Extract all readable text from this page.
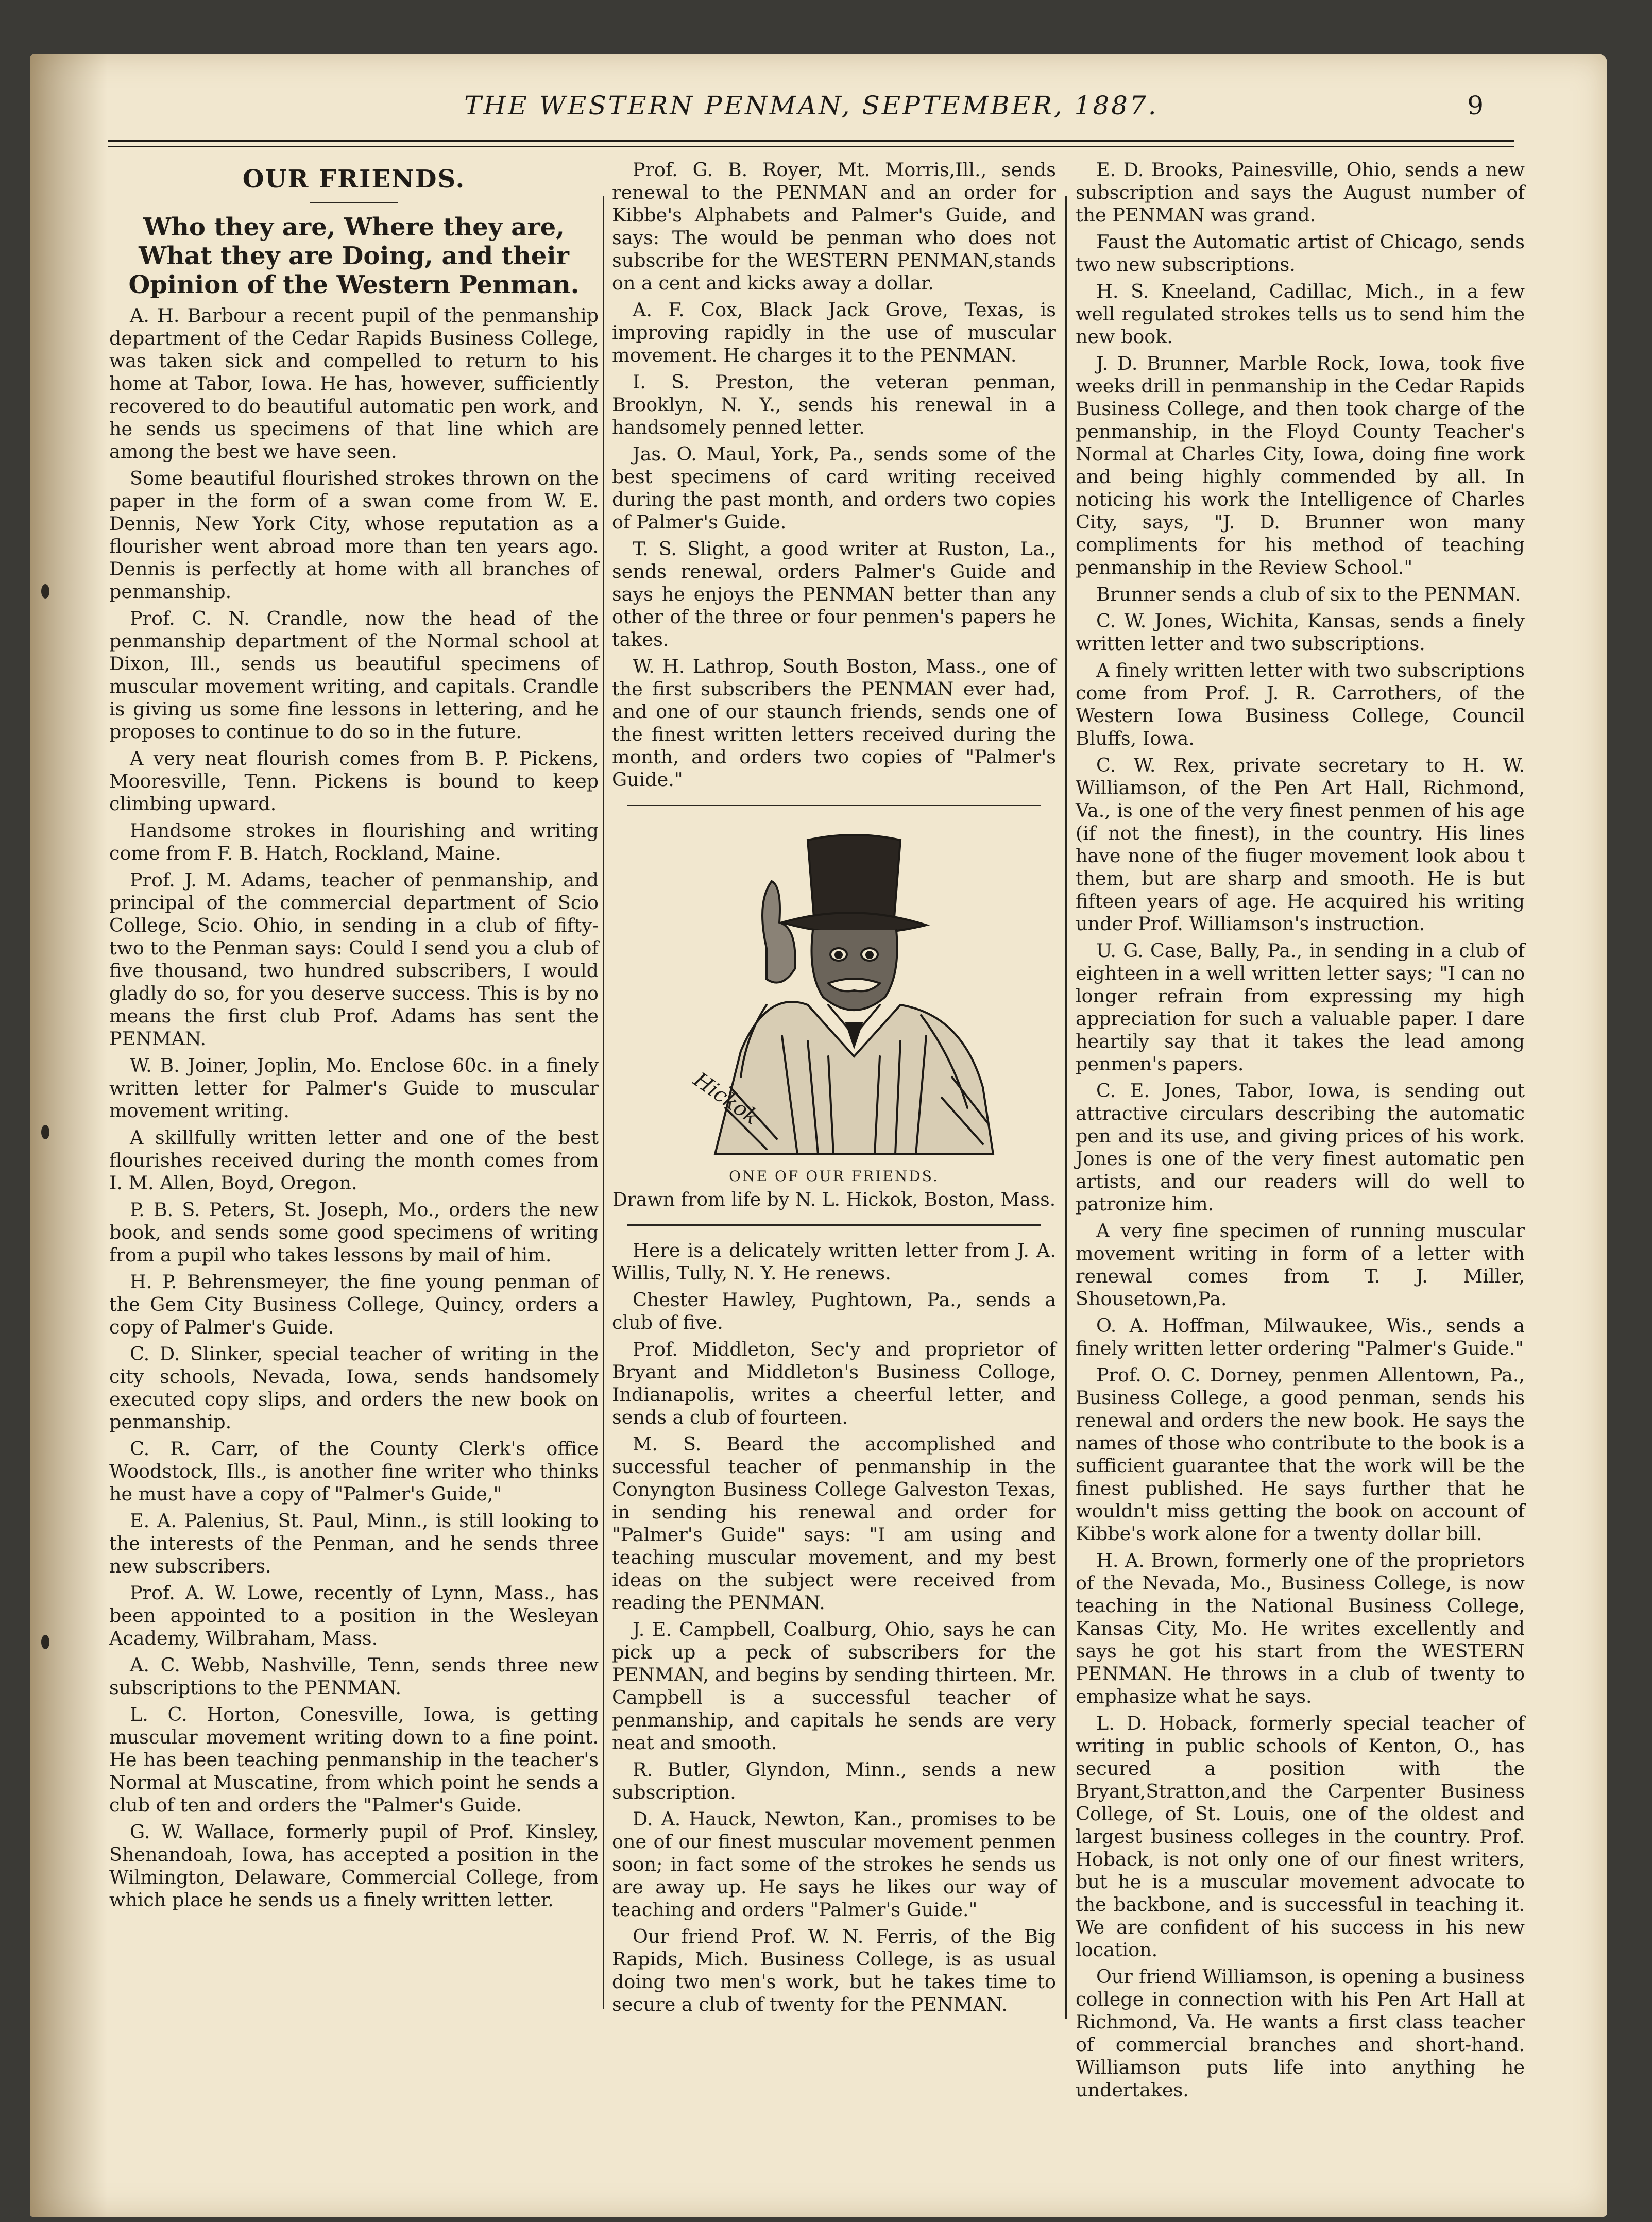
THE WESTERN PENMAN, SEPTEMBER, 1887.	9
OUR FRIENDS.
Who they are, Where they are, What they are Doing, and their Opinion of the Western Penman.

A. H. Barbour a recent pupil of the penmanship department of the Cedar Rapids Business College, was taken sick and compelled to return to his home at Tabor, Iowa. He has, however, sufficiently recovered to do beautiful automatic pen work, and he sends us specimens of that line which are among the best we have seen.

Some beautiful flourished strokes thrown on the paper in the form of a swan come from W. E. Dennis, New York City, whose reputation as a flourisher went abroad more than ten years ago. Dennis is perfectly at home with all branches of penmanship.

Prof. C. N. Crandle, now the head of the penmanship department of the Normal school at Dixon, Ill., sends us beautiful specimens of muscular movement writing, and capitals. Crandle is giving us some fine lessons in lettering, and he proposes to continue to do so in the future.

A very neat flourish comes from B. P. Pickens, Mooresville, Tenn. Pickens is bound to keep climbing upward.

Handsome strokes in flourishing and writing come from F. B. Hatch, Rockland, Maine.

Prof. J. M. Adams, teacher of penmanship, and principal of the commercial department of Scio College, Scio. Ohio, in sending in a club of fifty-two to the Penman says: Could I send you a club of five thousand, two hundred subscribers, I would gladly do so, for you deserve success. This is by no means the first club Prof. Adams has sent the PENMAN.

W. B. Joiner, Joplin, Mo. Enclose 60c. in a finely written letter for Palmer's Guide to muscular movement writing.

A skillfully written letter and one of the best flourishes received during the month comes from I. M. Allen, Boyd, Oregon.

P. B. S. Peters, St. Joseph, Mo., orders the new book, and sends some good specimens of writing from a pupil who takes lessons by mail of him.

H. P. Behrensmeyer, the fine young penman of the Gem City Business College, Quincy, orders a copy of Palmer's Guide.

C. D. Slinker, special teacher of writing in the city schools, Nevada, Iowa, sends handsomely executed copy slips, and orders the new book on penmanship.

C. R. Carr, of the County Clerk's office Woodstock, Ills., is another fine writer who thinks he must have a copy of "Palmer's Guide,"

E. A. Palenius, St. Paul, Minn., is still looking to the interests of the Penman, and he sends three new subscribers.

Prof. A. W. Lowe, recently of Lynn, Mass., has been appointed to a position in the Wesleyan Academy, Wilbraham, Mass.

A. C. Webb, Nashville, Tenn, sends three new subscriptions to the PENMAN.

L. C. Horton, Conesville, Iowa, is getting muscular movement writing down to a fine point. He has been teaching penmanship in the teacher's Normal at Muscatine, from which point he sends a club of ten and orders the "Palmer's Guide.

G. W. Wallace, formerly pupil of Prof. Kinsley, Shenandoah, Iowa, has accepted a position in the Wilmington, Delaware, Commercial College, from which place he sends us a finely written letter.

Prof. G. B. Royer, Mt. Morris,Ill., sends renewal to the PENMAN and an order for Kibbe's Alphabets and Palmer's Guide, and says: The would be penman who does not subscribe for the WESTERN PENMAN,stands on a cent and kicks away a dollar.

A. F. Cox, Black Jack Grove, Texas, is improving rapidly in the use of muscular movement. He charges it to the PENMAN.

I. S. Preston, the veteran penman, Brooklyn, N. Y., sends his renewal in a handsomely penned letter.

Jas. O. Maul, York, Pa., sends some of the best specimens of card writing received during the past month, and orders two copies of Palmer's Guide.

T. S. Slight, a good writer at Ruston, La., sends renewal, orders Palmer's Guide and says he enjoys the PENMAN better than any other of the three or four penmen's papers he takes.

W. H. Lathrop, South Boston, Mass., one of the first subscribers the PENMAN ever had, and one of our staunch friends, sends one of the finest written letters received during the month, and orders two copies of "Palmer's Guide."

Hickok

ONE OF OUR FRIENDS.

Drawn from life by N. L. Hickok, Boston, Mass.

Here is a delicately written letter from J. A. Willis, Tully, N. Y. He renews.

Chester Hawley, Pughtown, Pa., sends a club of five.

Prof. Middleton, Sec'y and proprietor of Bryant and Middleton's Business Colloge, Indianapolis, writes a cheerful letter, and sends a club of fourteen.

M. S. Beard the accomplished and successful teacher of penmanship in the Conyngton Business College Galveston Texas, in sending his renewal and order for "Palmer's Guide" says: "I am using and teaching muscular movement, and my best ideas on the subject were received from reading the PENMAN.

J. E. Campbell, Coalburg, Ohio, says he can pick up a peck of subscribers for the PENMAN, and begins by sending thirteen. Mr. Campbell is a successful teacher of penmanship, and capitals he sends are very neat and smooth.

R. Butler, Glyndon, Minn., sends a new subscription.

D. A. Hauck, Newton, Kan., promises to be one of our finest muscular movement penmen soon; in fact some of the strokes he sends us are away up. He says he likes our way of teaching and orders "Palmer's Guide."

Our friend Prof. W. N. Ferris, of the Big Rapids, Mich. Business College, is as usual doing two men's work, but he takes time to secure a club of twenty for the PENMAN.

E. D. Brooks, Painesville, Ohio, sends a new subscription and says the August number of the PENMAN was grand.

Faust the Automatic artist of Chicago, sends two new subscriptions.

H. S. Kneeland, Cadillac, Mich., in a few well regulated strokes tells us to send him the new book.

J. D. Brunner, Marble Rock, Iowa, took five weeks drill in penmanship in the Cedar Rapids Business College, and then took charge of the penmanship, in the Floyd County Teacher's Normal at Charles City, Iowa, doing fine work and being highly commended by all. In noticing his work the Intelligence of Charles City, says, "J. D. Brunner won many compliments for his method of teaching penmanship in the Review School."

Brunner sends a club of six to the PENMAN.

C. W. Jones, Wichita, Kansas, sends a finely written letter and two subscriptions.

A finely written letter with two subscriptions come from Prof. J. R. Carrothers, of the Western Iowa Business College, Council Bluffs, Iowa.

C. W. Rex, private secretary to H. W. Williamson, of the Pen Art Hall, Richmond, Va., is one of the very finest penmen of his age (if not the finest), in the country. His lines have none of the fiuger movement look abou t them, but are sharp and smooth. He is but fifteen years of age. He acquired his writing under Prof. Williamson's instruction.

U. G. Case, Bally, Pa., in sending in a club of eighteen in a well written letter says; "I can no longer refrain from expressing my high appreciation for such a valuable paper. I dare heartily say that it takes the lead among penmen's papers.

C. E. Jones, Tabor, Iowa, is sending out attractive circulars describing the automatic pen and its use, and giving prices of his work. Jones is one of the very finest automatic pen artists, and our readers will do well to patronize him.

A very fine specimen of running muscular movement writing in form of a letter with renewal comes from T. J. Miller, Shousetown,Pa.

O. A. Hoffman, Milwaukee, Wis., sends a finely written letter ordering "Palmer's Guide."

Prof. O. C. Dorney, penmen Allentown, Pa., Business College, a good penman, sends his renewal and orders the new book. He says the names of those who contribute to the book is a sufficient guarantee that the work will be the finest published. He says further that he wouldn't miss getting the book on account of Kibbe's work alone for a twenty dollar bill.

H. A. Brown, formerly one of the proprietors of the Nevada, Mo., Business College, is now teaching in the National Business College, Kansas City, Mo. He writes excellently and says he got his start from the WESTERN PENMAN. He throws in a club of twenty to emphasize what he says.

L. D. Hoback, formerly special teacher of writing in public schools of Kenton, O., has secured a position with the Bryant,Stratton,and the Carpenter Business College, of St. Louis, one of the oldest and largest business colleges in the country. Prof. Hoback, is not only one of our finest writers, but he is a muscular movement advocate to the backbone, and is successful in teaching it. We are confident of his success in his new location.

Our friend Williamson, is opening a business college in connection with his Pen Art Hall at Richmond, Va. He wants a first class teacher of commercial branches and short-hand. Williamson puts life into anything he undertakes.
